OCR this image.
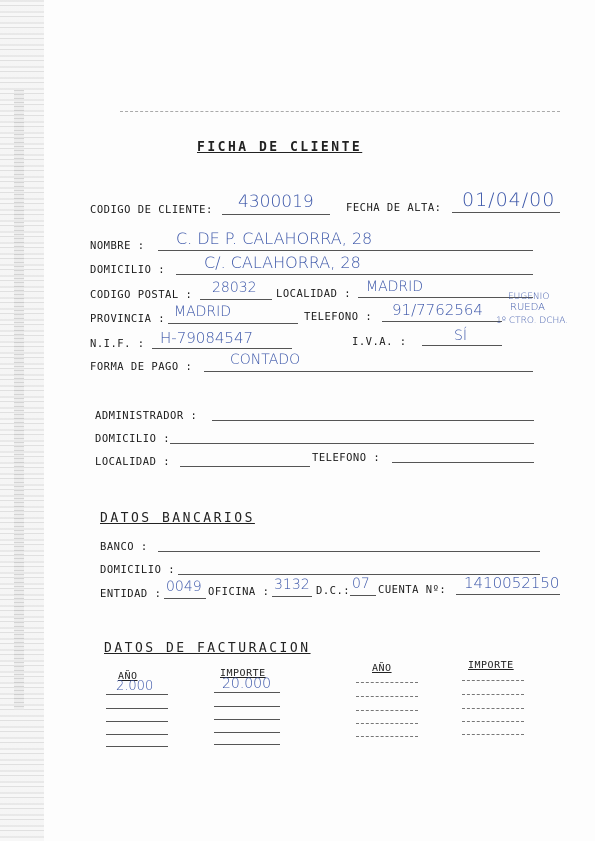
FICHA DE CLIENTE
CODIGO DE CLIENTE: 4300019	FECHA DE ALTA: 01/04/00
NOMBRE : C. DE P. CALAHORRA, 28
DOMICILIO : C/. CALAHORRA, 28
CODIGO POSTAL : 28032 LOCALIDAD : MADRID
PROVINCIA : MADRID	TELEFONO : 91/7762564
EUGENIO
RUEDA
1º CTRO. DCHA.
N.I.F. : H-79084547	I.V.A. :	SÍ
FORMA DE PAGO :	CONTADO
ADMINISTRADOR :
DOMICILIO :
LOCALIDAD :	TELEFONO :
DATOS BANCARIOS
BANCO :
DOMICILIO :
ENTIDAD : 0049 OFICINA : 3132 D.C.: 07 CUENTA Nº: 1410052150
DATOS DE FACTURACION
AÑO	IMPORTE	AÑO	IMPORTE
2.000	20.000
